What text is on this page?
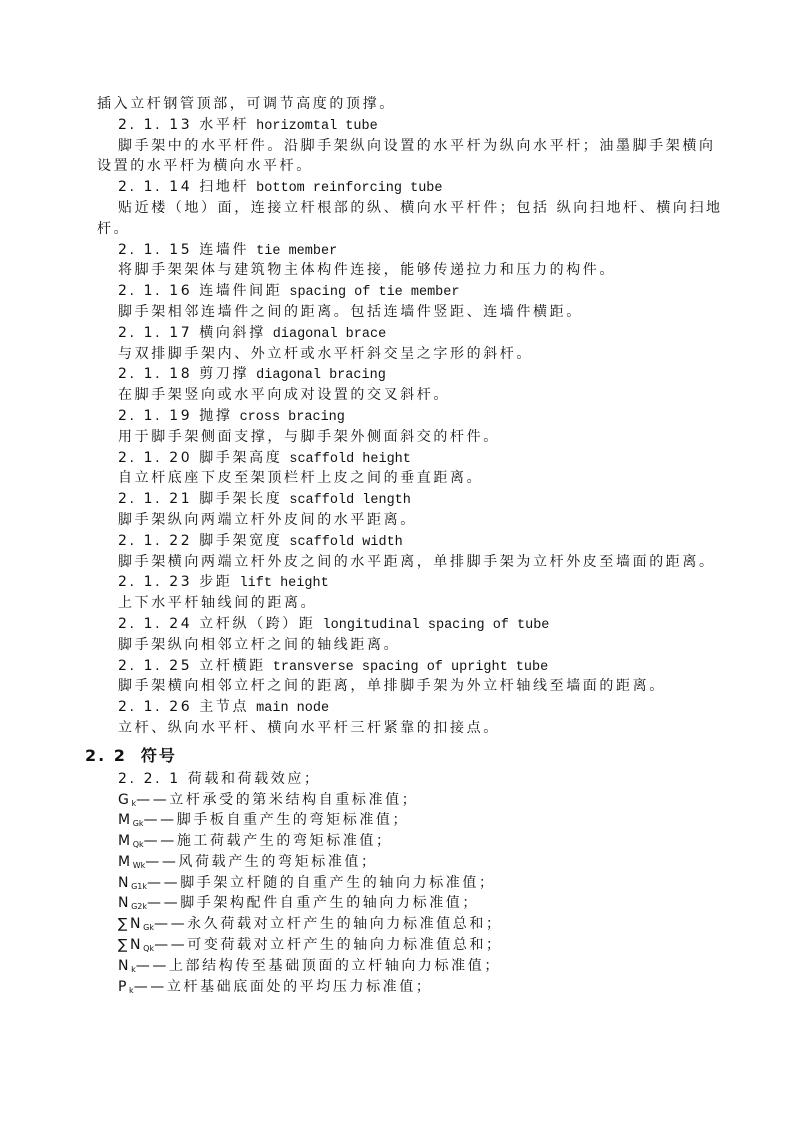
插入立杆钢管顶部，可调节高度的顶撑。
2. 1. 13 水平杆 horizomtal tube
脚手架中的水平杆件。沿脚手架纵向设置的水平杆为纵向水平杆；油墨脚手架横向
设置的水平杆为横向水平杆。
2. 1. 14 扫地杆 bottom reinforcing tube
贴近楼（地）面，连接立杆根部的纵、横向水平杆件；包括 纵向扫地杆、横向扫地
杆。
2. 1. 15 连墙件 tie member
将脚手架架体与建筑物主体构件连接，能够传递拉力和压力的构件。
2. 1. 16 连墙件间距 spacing of tie member
脚手架相邻连墙件之间的距离。包括连墙件竖距、连墙件横距。
2. 1. 17 横向斜撑 diagonal brace
与双排脚手架内、外立杆或水平杆斜交呈之字形的斜杆。
2. 1. 18 剪刀撑 diagonal bracing
在脚手架竖向或水平向成对设置的交叉斜杆。
2. 1. 19 抛撑 cross bracing
用于脚手架侧面支撑，与脚手架外侧面斜交的杆件。
2. 1. 20 脚手架高度 scaffold height
自立杆底座下皮至架顶栏杆上皮之间的垂直距离。
2. 1. 21 脚手架长度 scaffold length
脚手架纵向两端立杆外皮间的水平距离。
2. 1. 22 脚手架宽度 scaffold width
脚手架横向两端立杆外皮之间的水平距离，单排脚手架为立杆外皮至墙面的距离。
2. 1. 23 步距 lift height
上下水平杆轴线间的距离。
2. 1. 24 立杆纵（跨）距 longitudinal spacing of tube
脚手架纵向相邻立杆之间的轴线距离。
2. 1. 25 立杆横距 transverse spacing of upright tube
脚手架横向相邻立杆之间的距离，单排脚手架为外立杆轴线至墙面的距离。
2. 1. 26 主节点 main node
立杆、纵向水平杆、横向水平杆三杆紧靠的扣接点。
2. 2 符号
2. 2. 1 荷载和荷载效应；
$G_k——$立杆承受的第米结构自重标准值；
$M_{Gk}——$脚手板自重产生的弯矩标准值；
$M_{Qk}——$施工荷载产生的弯矩标准值；
$M_{Wk}——$风荷载产生的弯矩标准值；
$N_{G1k}——$脚手架立杆随的自重产生的轴向力标准值；
$N_{G2k}——$脚手架构配件自重产生的轴向力标准值；
$\sum N_{Gk}——$永久荷载对立杆产生的轴向力标准值总和；
$\sum N_{Qk}——$可变荷载对立杆产生的轴向力标准值总和；
$N_k——$上部结构传至基础顶面的立杆轴向力标准值；
$P_k——$立杆基础底面处的平均压力标准值；
